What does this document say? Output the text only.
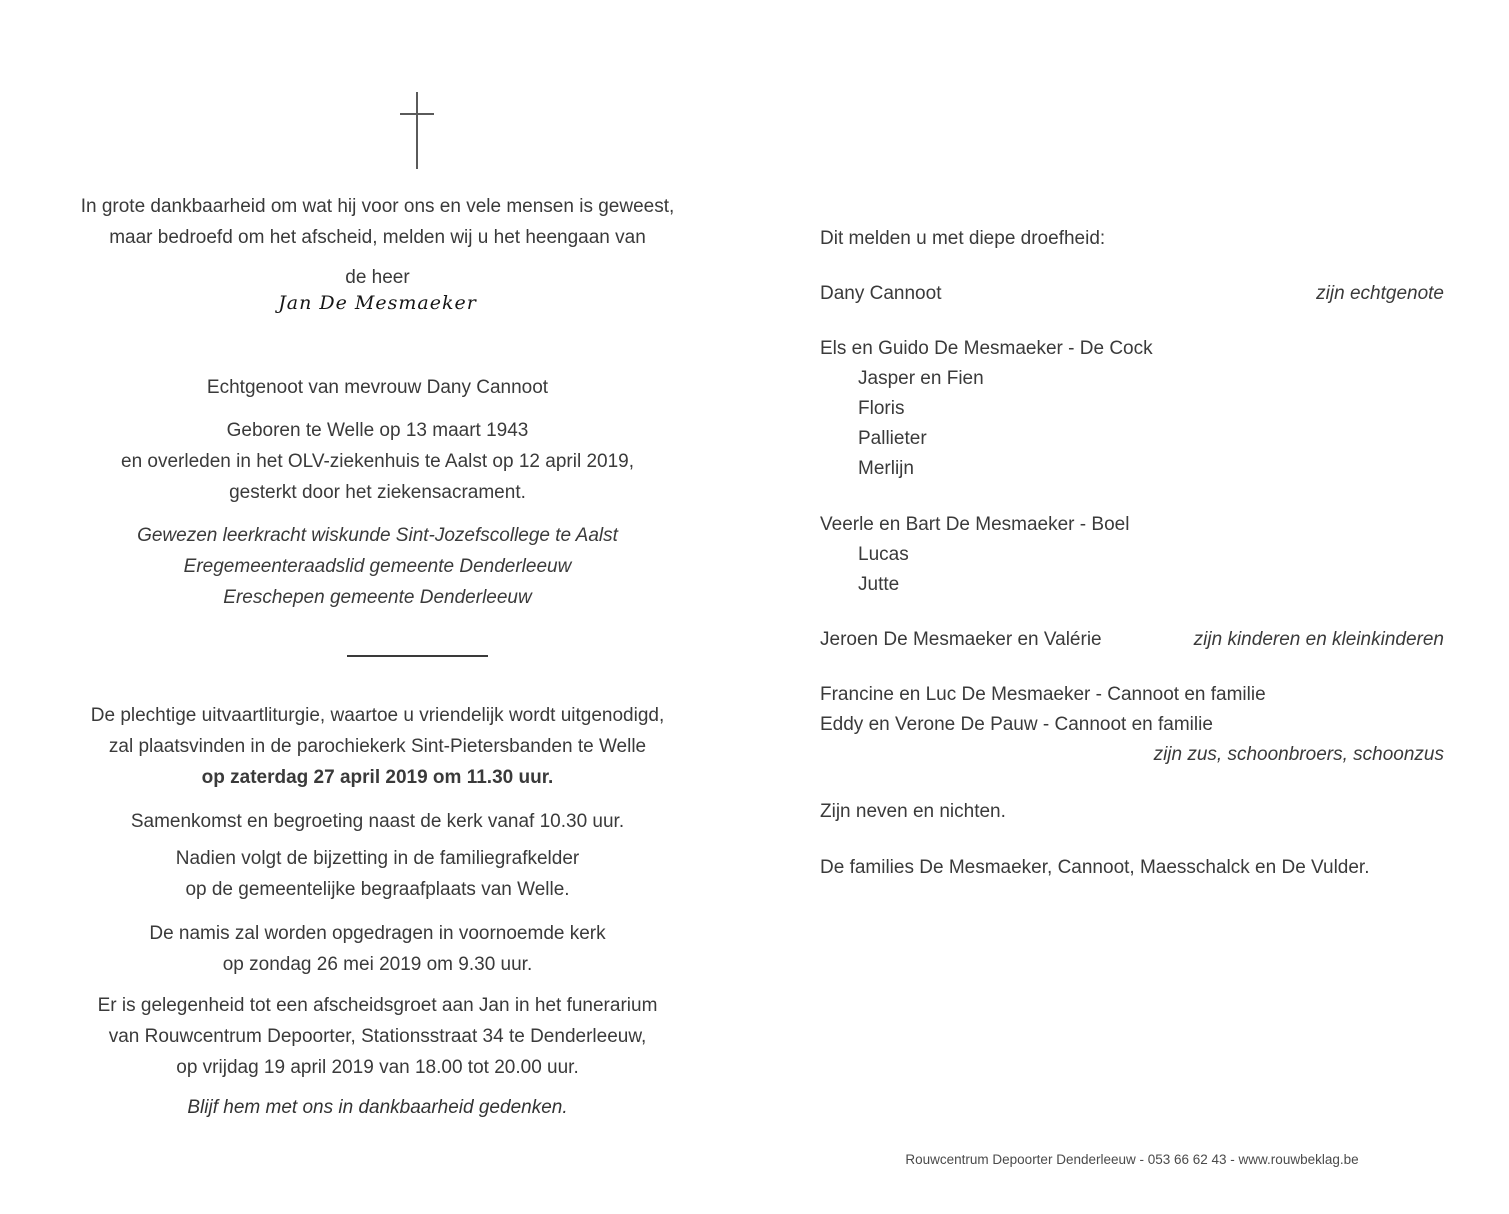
In grote dankbaarheid om wat hij voor ons en vele mensen is geweest,
maar bedroefd om het afscheid, melden wij u het heengaan van
de heer
Jan De Mesmaeker
Echtgenoot van mevrouw Dany Cannoot
Geboren te Welle op 13 maart 1943
en overleden in het OLV-ziekenhuis te Aalst op 12 april 2019,
gesterkt door het ziekensacrament.
Gewezen leerkracht wiskunde Sint-Jozefscollege te Aalst
Eregemeenteraadslid gemeente Denderleeuw
Ereschepen gemeente Denderleeuw
De plechtige uitvaartliturgie, waartoe u vriendelijk wordt uitgenodigd,
zal plaatsvinden in de parochiekerk Sint-Pietersbanden te Welle
op zaterdag 27 april 2019 om 11.30 uur.
Samenkomst en begroeting naast de kerk vanaf 10.30 uur.
Nadien volgt de bijzetting in de familiegrafkelder
op de gemeentelijke begraafplaats van Welle.
De namis zal worden opgedragen in voornoemde kerk
op zondag 26 mei 2019 om 9.30 uur.
Er is gelegenheid tot een afscheidsgroet aan Jan in het funerarium
van Rouwcentrum Depoorter, Stationsstraat 34 te Denderleeuw,
op vrijdag 19 april 2019 van 18.00 tot 20.00 uur.
Blijf hem met ons in dankbaarheid gedenken.
Dit melden u met diepe droefheid:
Dany Cannoot	zijn echtgenote
Els en Guido De Mesmaeker - De Cock
Jasper en Fien
Floris
Pallieter
Merlijn
Veerle en Bart De Mesmaeker - Boel
Lucas
Jutte
Jeroen De Mesmaeker en Valérie	zijn kinderen en kleinkinderen
Francine en Luc De Mesmaeker - Cannoot en familie
Eddy en Verone De Pauw - Cannoot en familie
zijn zus, schoonbroers, schoonzus
Zijn neven en nichten.
De families De Mesmaeker, Cannoot, Maesschalck en De Vulder.
Rouwcentrum Depoorter Denderleeuw - 053 66 62 43 - www.rouwbeklag.be
